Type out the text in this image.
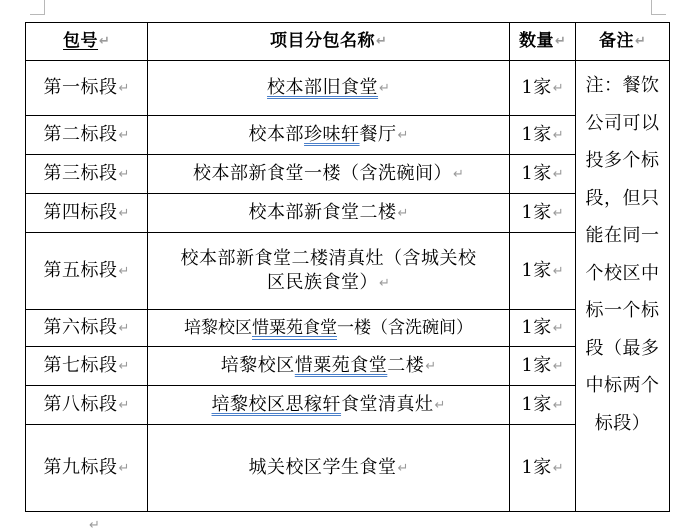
包号↵	项目分包名称↵	数量↵	备注↵
第一标段↵	校本部旧食堂↵	1家↵	注：餐饮公司可以投多个标段，但只能在同一个校区中标一个标段（最多中标两个标段）

第二标段↵	校本部珍味轩餐厅↵	1家↵	
第三标段↵	校本部新食堂一楼（含洗碗间）↵	1家↵	
第四标段↵	校本部新食堂二楼↵	1家↵	
第五标段↵	校本部新食堂二楼清真灶（含城关校
区民族食堂）↵	1家↵	
第六标段↵	培黎校区惜粟苑食堂一楼（含洗碗间）	1家↵	
第七标段↵	培黎校区惜粟苑食堂二楼↵	1家↵	
第八标段↵	培黎校区思稼轩食堂清真灶↵	1家↵	
第九标段↵	城关校区学生食堂↵	1家↵	
↵
